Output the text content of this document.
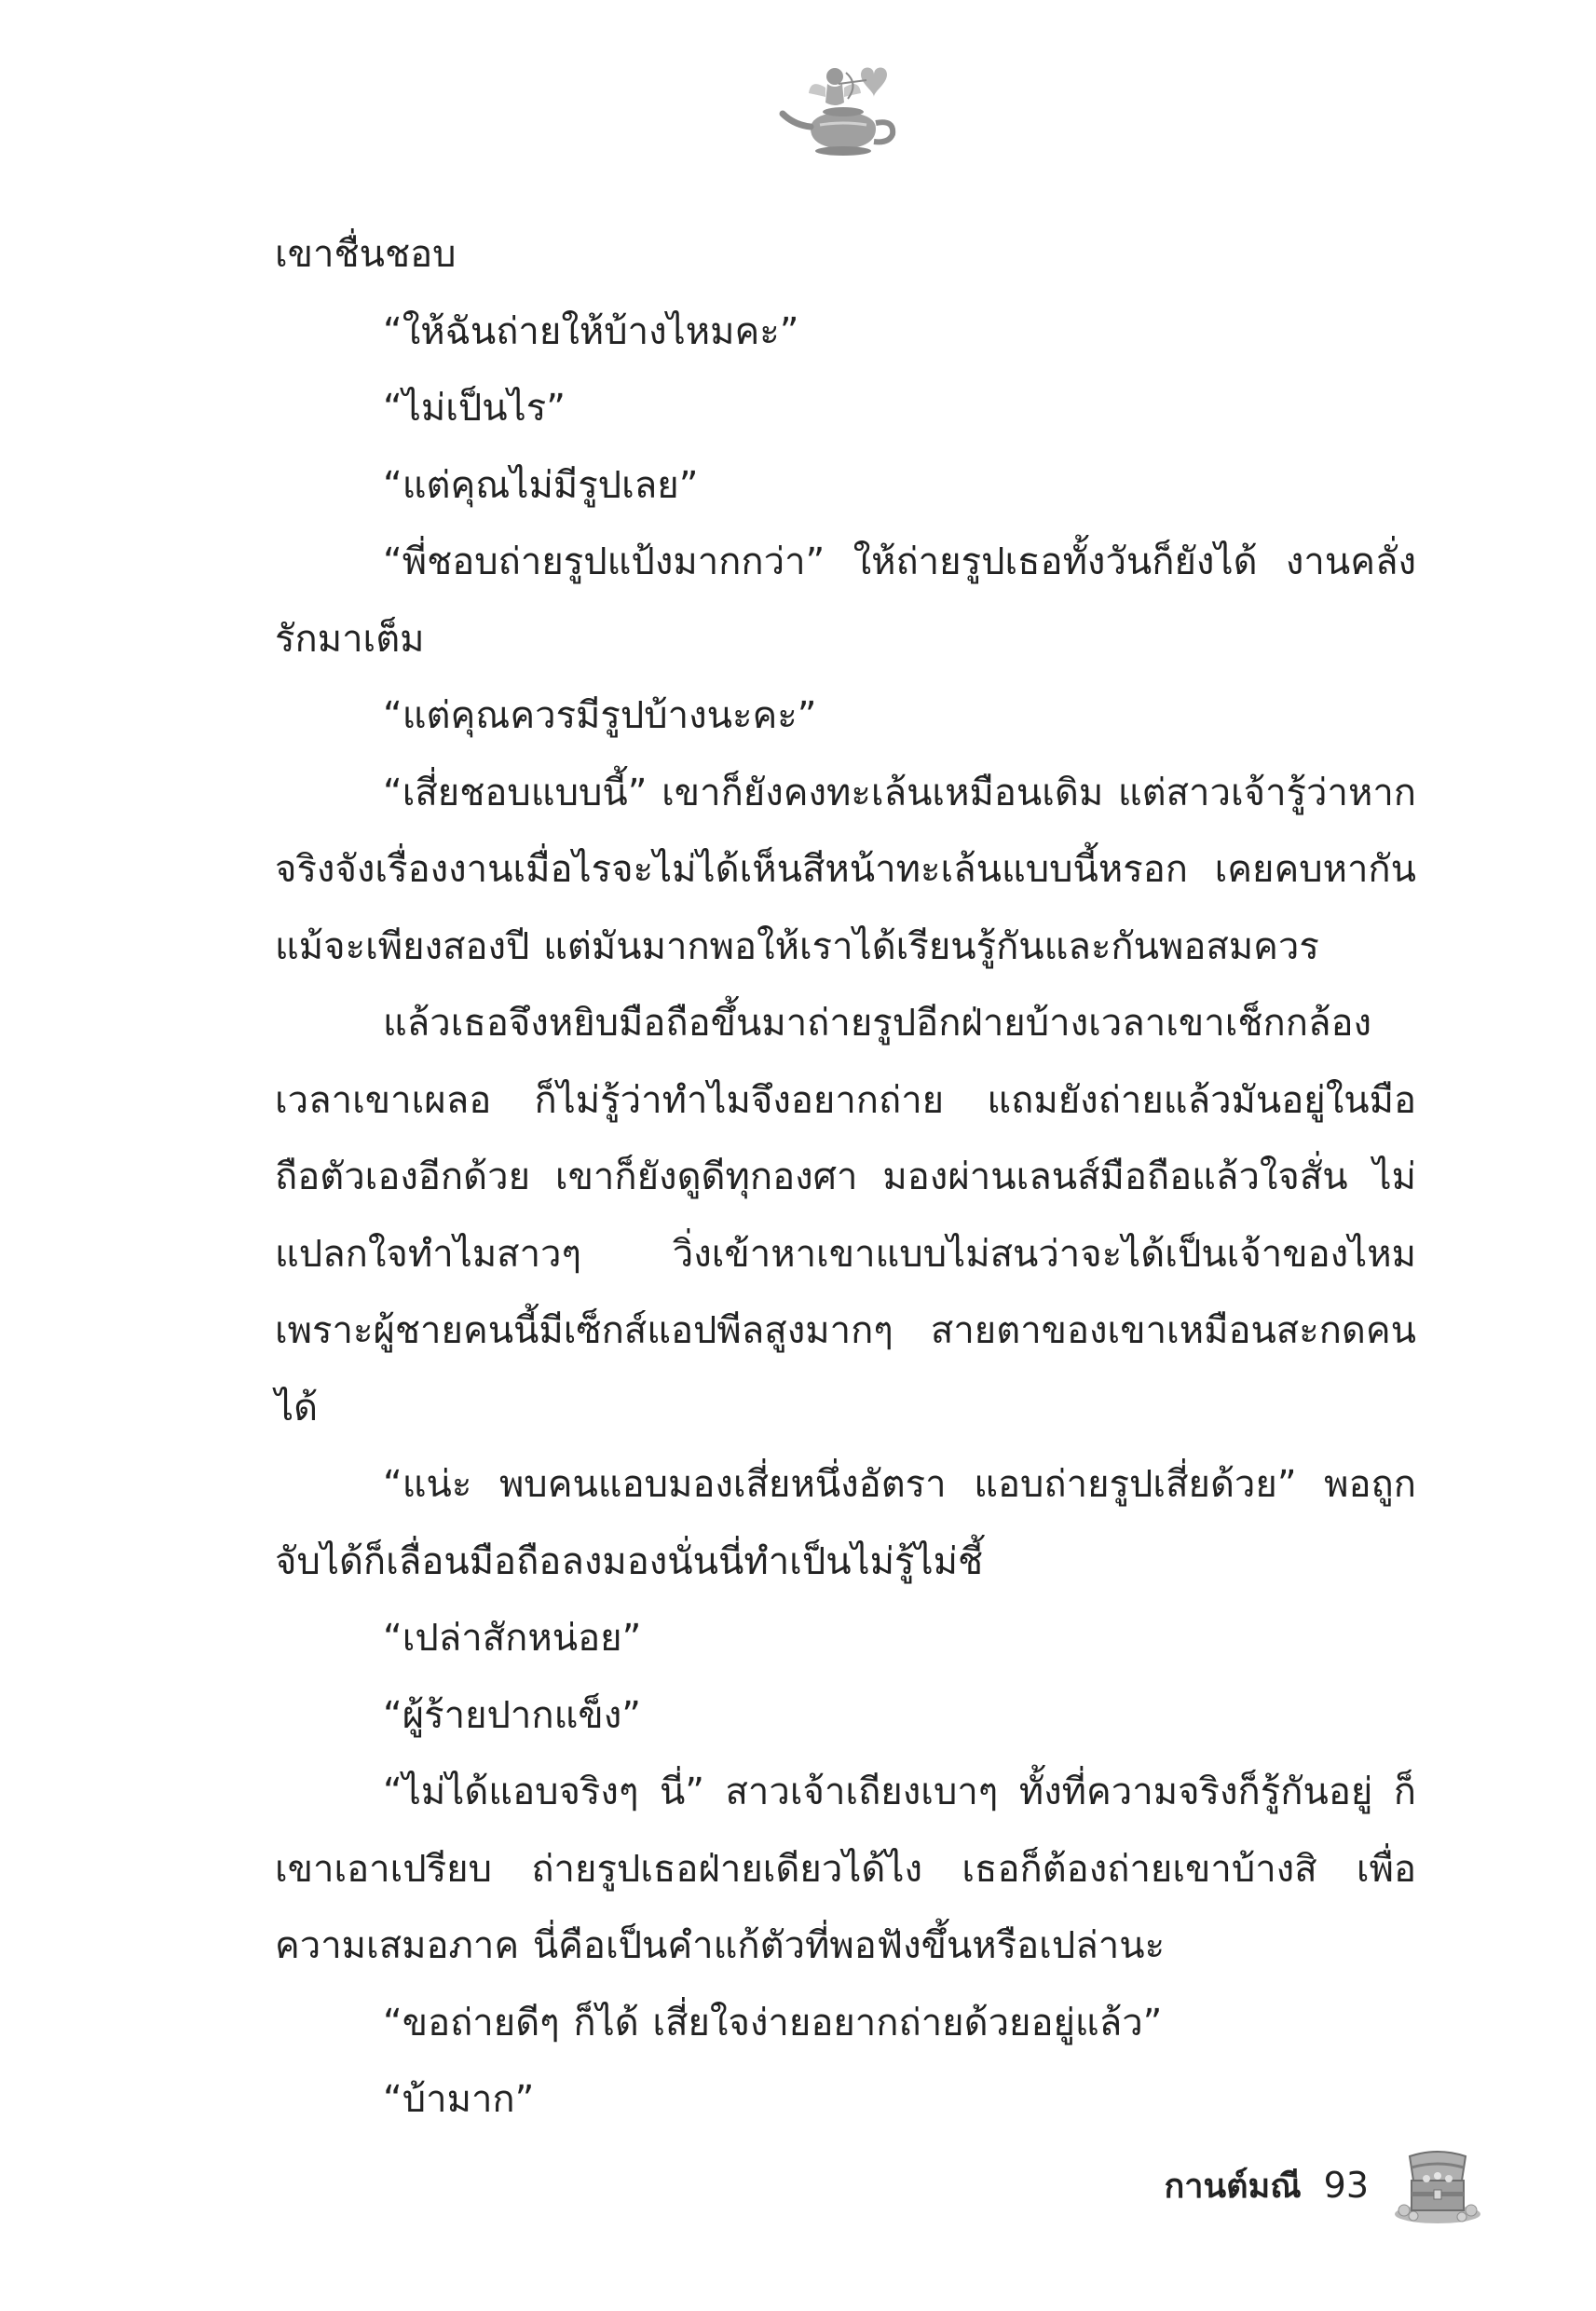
เขาชื่นชอบ

“ให้ฉันถ่ายให้บ้างไหมคะ”

“ไม่เป็นไร”

“แต่คุณไม่มีรูปเลย”

“พี่ชอบถ่ายรูปแป้งมากกว่า” ให้ถ่ายรูปเธอทั้งวันก็ยังได้ งานคลั่งรักมาเต็ม

“แต่คุณควรมีรูปบ้างนะคะ”

“เสี่ยชอบแบบนี้” เขาก็ยังคงทะเล้นเหมือนเดิม แต่สาวเจ้ารู้ว่าหากจริงจังเรื่องงานเมื่อไรจะไม่ได้เห็นสีหน้าทะเล้นแบบนี้หรอก เคยคบหากันแม้จะเพียงสองปี แต่มันมากพอให้เราได้เรียนรู้กันและกันพอสมควร

แล้วเธอจึงหยิบมือถือขึ้นมาถ่ายรูปอีกฝ่ายบ้างเวลาเขาเช็กกล้อง เวลาเขาเผลอ ก็ไม่รู้ว่าทำไมจึงอยากถ่าย แถมยังถ่ายแล้วมันอยู่ในมือถือตัวเองอีกด้วย เขาก็ยังดูดีทุกองศา มองผ่านเลนส์มือถือแล้วใจสั่น ไม่แปลกใจทำไมสาวๆ วิ่งเข้าหาเขาแบบไม่สนว่าจะได้เป็นเจ้าของไหม เพราะผู้ชายคนนี้มีเซ็กส์แอปพีลสูงมากๆ สายตาของเขาเหมือนสะกดคนได้

“แน่ะ พบคนแอบมองเสี่ยหนึ่งอัตรา แอบถ่ายรูปเสี่ยด้วย” พอถูกจับได้ก็เลื่อนมือถือลงมองนั่นนี่ทำเป็นไม่รู้ไม่ชี้

“เปล่าสักหน่อย”

“ผู้ร้ายปากแข็ง”

“ไม่ได้แอบจริงๆ นี่” สาวเจ้าเถียงเบาๆ ทั้งที่ความจริงก็รู้กันอยู่ ก็เขาเอาเปรียบ ถ่ายรูปเธอฝ่ายเดียวได้ไง เธอก็ต้องถ่ายเขาบ้างสิ เพื่อความเสมอภาค นี่คือเป็นคำแก้ตัวที่พอฟังขึ้นหรือเปล่านะ

“ขอถ่ายดีๆ ก็ได้ เสี่ยใจง่ายอยากถ่ายด้วยอยู่แล้ว”

“บ้ามาก”

กานต์มณี 93
